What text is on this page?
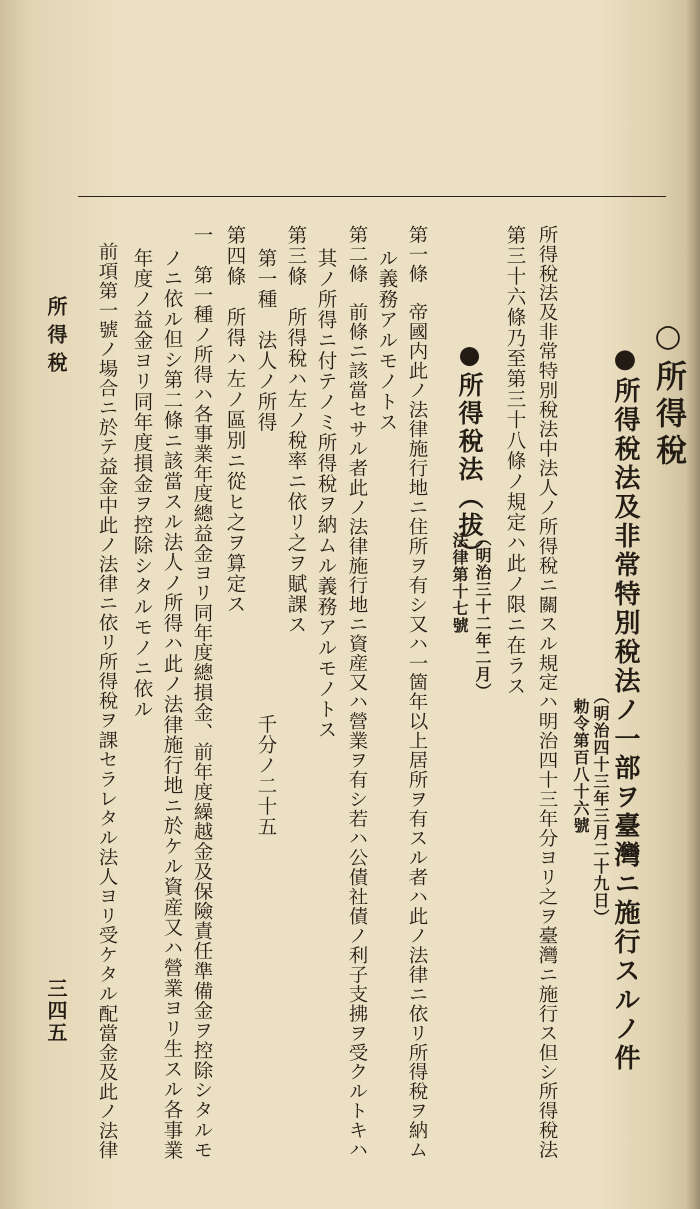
○所得稅
●所得稅法及非常特別稅法ノ一部ヲ臺灣ニ施行スルノ件
（明治四十三年三月二十九日）
勅令第百八十六號
所得稅法及非常特別稅法中法人ノ所得稅ニ關スル規定ハ明治四十三年分ヨリ之ヲ臺灣ニ施行ス但シ所得稅法
第三十六條乃至第三十八條ノ規定ハ此ノ限ニ在ラス
●所得稅法（拔）
（明治三十二年二月）
法律第十七號
第一條　帝國内此ノ法律施行地ニ住所ヲ有シ又ハ一箇年以上居所ヲ有スル者ハ此ノ法律ニ依リ所得稅ヲ納ム
ル義務アルモノトス
第二條　前條ニ該當セサル者此ノ法律施行地ニ資産又ハ營業ヲ有シ若ハ公債社債ノ利子支拂ヲ受クルトキハ
其ノ所得ニ付テノミ所得稅ヲ納ムル義務アルモノトス
第三條　所得稅ハ左ノ稅率ニ依リ之ヲ賦課ス
第一種　法人ノ所得
千分ノ二十五
第四條　所得ハ左ノ區別ニ從ヒ之ヲ算定ス
一　第一種ノ所得ハ各事業年度總益金ヨリ同年度總損金、前年度繰越金及保險責任準備金ヲ控除シタルモ
ノニ依ル但シ第二條ニ該當スル法人ノ所得ハ此ノ法律施行地ニ於ケル資産又ハ營業ヨリ生スル各事業
年度ノ益金ヨリ同年度損金ヲ控除シタルモノニ依ル
前項第一號ノ場合ニ於テ益金中此ノ法律ニ依リ所得稅ヲ課セラレタル法人ヨリ受ケタル配當金及此ノ法律
所得稅
三四五
